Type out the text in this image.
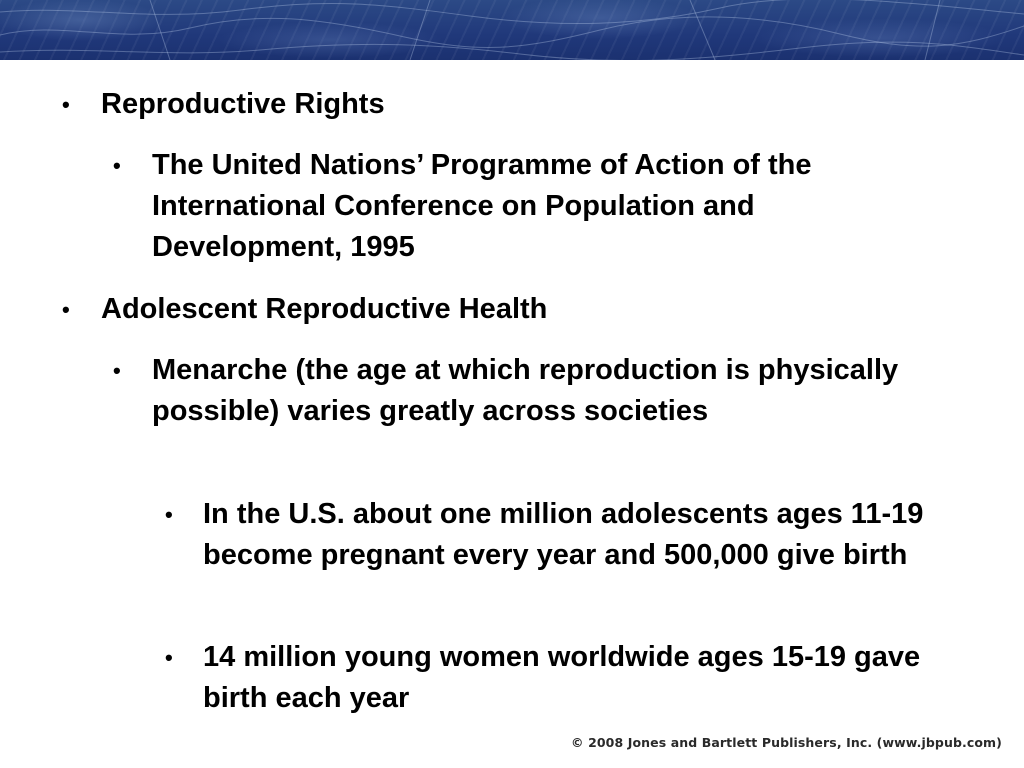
• Reproductive Rights
• The United Nations’ Programme of Action of the International Conference on Population and Development, 1995
• Adolescent Reproductive Health
• Menarche (the age at which reproduction is physically possible) varies greatly across societies
• In the U.S. about one million adolescents ages 11-19 become pregnant every year and 500,000 give birth
• 14 million young women worldwide ages 15-19 gave birth each year
© 2008 Jones and Bartlett Publishers, Inc. (www.jbpub.com)
